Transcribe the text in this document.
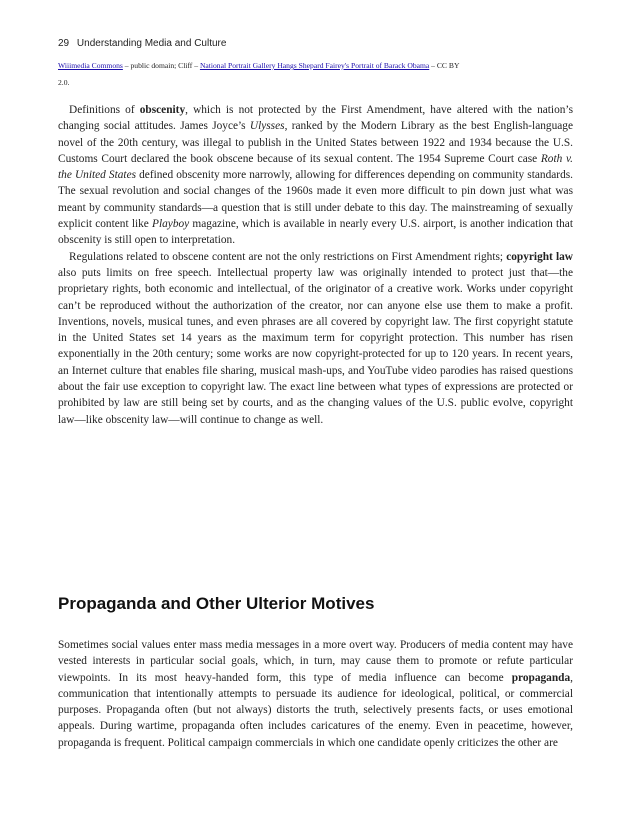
29 Understanding Media and Culture
Wiiimedia Commons – public domain; Cliff – National Portrait Gallery Hangs Shepard Fairey's Portrait of Barack Obama – CC BY
2.0.

Definitions of obscenity, which is not protected by the First Amendment, have altered with the nation’s changing social attitudes. James Joyce’s Ulysses, ranked by the Modern Library as the best English-language novel of the 20th century, was illegal to publish in the United States between 1922 and 1934 because the U.S. Customs Court declared the book obscene because of its sexual content. The 1954 Supreme Court case Roth v. the United States defined obscenity more narrowly, allowing for differences depending on community standards. The sexual revolution and social changes of the 1960s made it even more difficult to pin down just what was meant by community standards—a question that is still under debate to this day. The mainstreaming of sexually explicit content like Playboy magazine, which is available in nearly every U.S. airport, is another indication that obscenity is still open to interpretation.

Regulations related to obscene content are not the only restrictions on First Amendment rights; copyright law also puts limits on free speech. Intellectual property law was originally intended to protect just that—the proprietary rights, both economic and intellectual, of the originator of a creative work. Works under copyright can’t be reproduced without the authorization of the creator, nor can anyone else use them to make a profit. Inventions, novels, musical tunes, and even phrases are all covered by copyright law. The first copyright statute in the United States set 14 years as the maximum term for copyright protection. This number has risen exponentially in the 20th century; some works are now copyright-protected for up to 120 years. In recent years, an Internet culture that enables file sharing, musical mash-ups, and YouTube video parodies has raised questions about the fair use exception to copyright law. The exact line between what types of expressions are protected or prohibited by law are still being set by courts, and as the changing values of the U.S. public evolve, copyright law—like obscenity law—will continue to change as well.

Propaganda and Other Ulterior Motives

Sometimes social values enter mass media messages in a more overt way. Producers of media content may have vested interests in particular social goals, which, in turn, may cause them to promote or refute particular viewpoints. In its most heavy-handed form, this type of media influence can become propaganda, communication that intentionally attempts to persuade its audience for ideological, political, or commercial purposes. Propaganda often (but not always) distorts the truth, selectively presents facts, or uses emotional appeals. During wartime, propaganda often includes caricatures of the enemy. Even in peacetime, however, propaganda is frequent. Political campaign commercials in which one candidate openly criticizes the other are
